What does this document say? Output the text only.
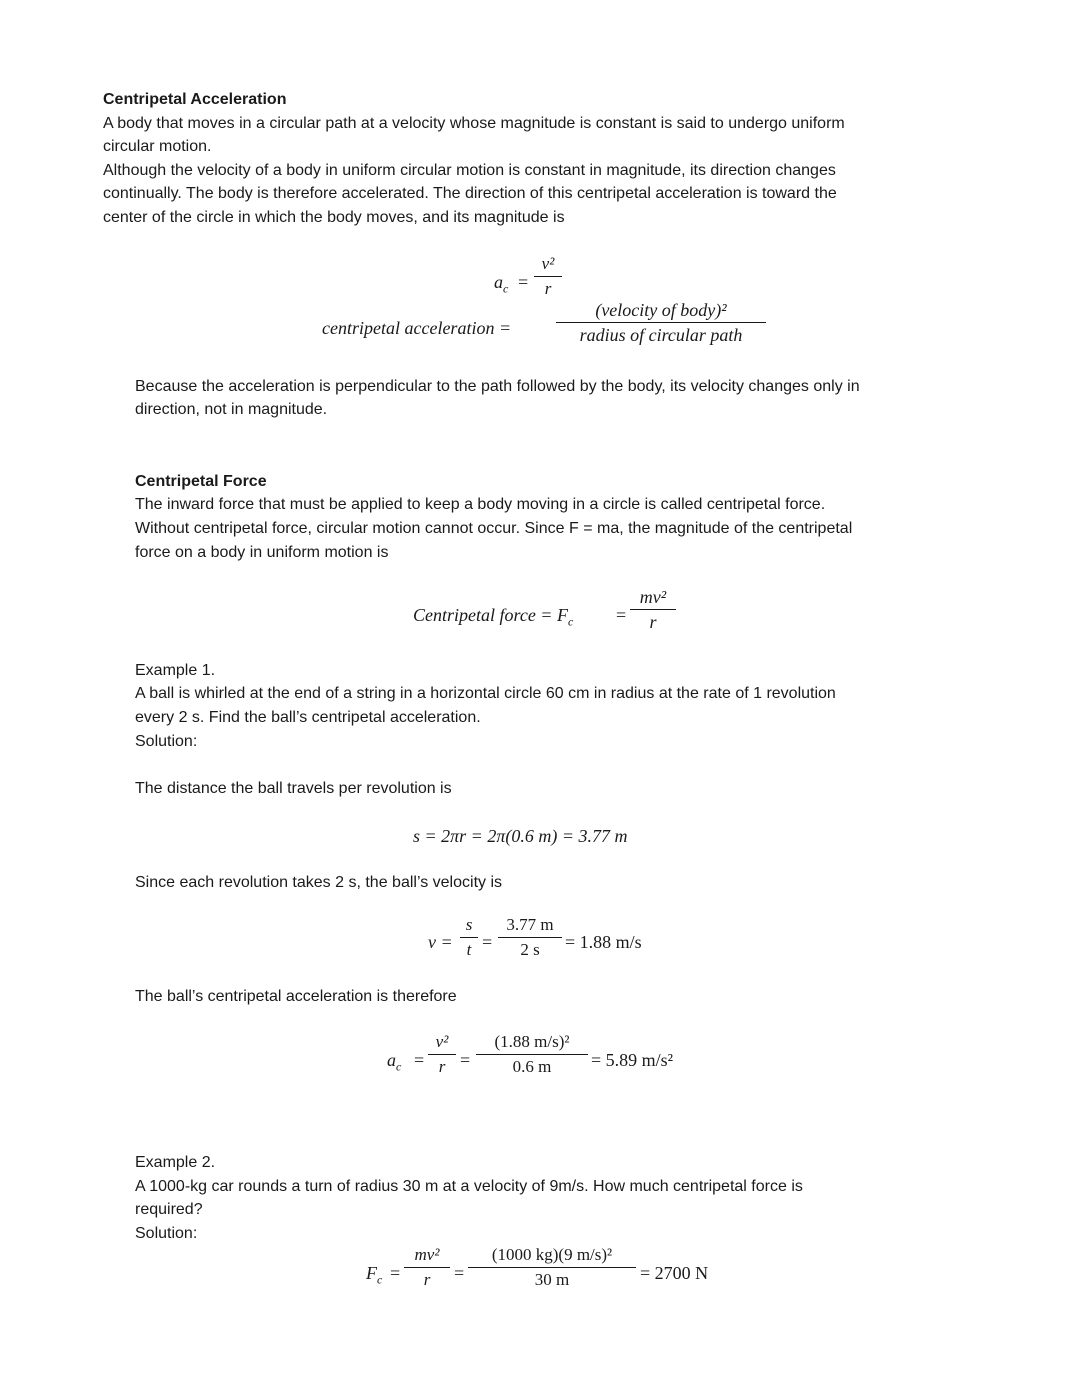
Centripetal Acceleration
A body that moves in a circular path at a velocity whose magnitude is constant is said to undergo uniform
circular motion.
Although the velocity of a body in uniform circular motion is constant in magnitude, its direction changes
continually. The body is therefore accelerated. The direction of this centripetal acceleration is toward the
center of the circle in which the body moves, and its magnitude is
$a_c$ =
v²
r
centripetal acceleration =
(velocity of body)²
radius of circular path
Because the acceleration is perpendicular to the path followed by the body, its velocity changes only in
direction, not in magnitude.
Centripetal Force
The inward force that must be applied to keep a body moving in a circle is called centripetal force.
Without centripetal force, circular motion cannot occur. Since F = ma, the magnitude of the centripetal
force on a body in uniform motion is
Centripetal force = $F_c$ =
mv²
r
Example 1.
A ball is whirled at the end of a string in a horizontal circle 60 cm in radius at the rate of 1 revolution
every 2 s. Find the ball’s centripetal acceleration.
Solution:
The distance the ball travels per revolution is
s = 2πr = 2π(0.6 m) = 3.77 m
Since each revolution takes 2 s, the ball’s velocity is
v =
s
t =
3.77 m
2 s = 1.88 m/s
The ball’s centripetal acceleration is therefore
$a_c$ =
v²
r =
(1.88 m/s)²
0.6 m = 5.89 m/s²
Example 2.
A 1000-kg car rounds a turn of radius 30 m at a velocity of 9m/s. How much centripetal force is
required?
Solution:
$F_c$ =
mv²
r =
(1000 kg)(9 m/s)²
30 m	= 2700 N
